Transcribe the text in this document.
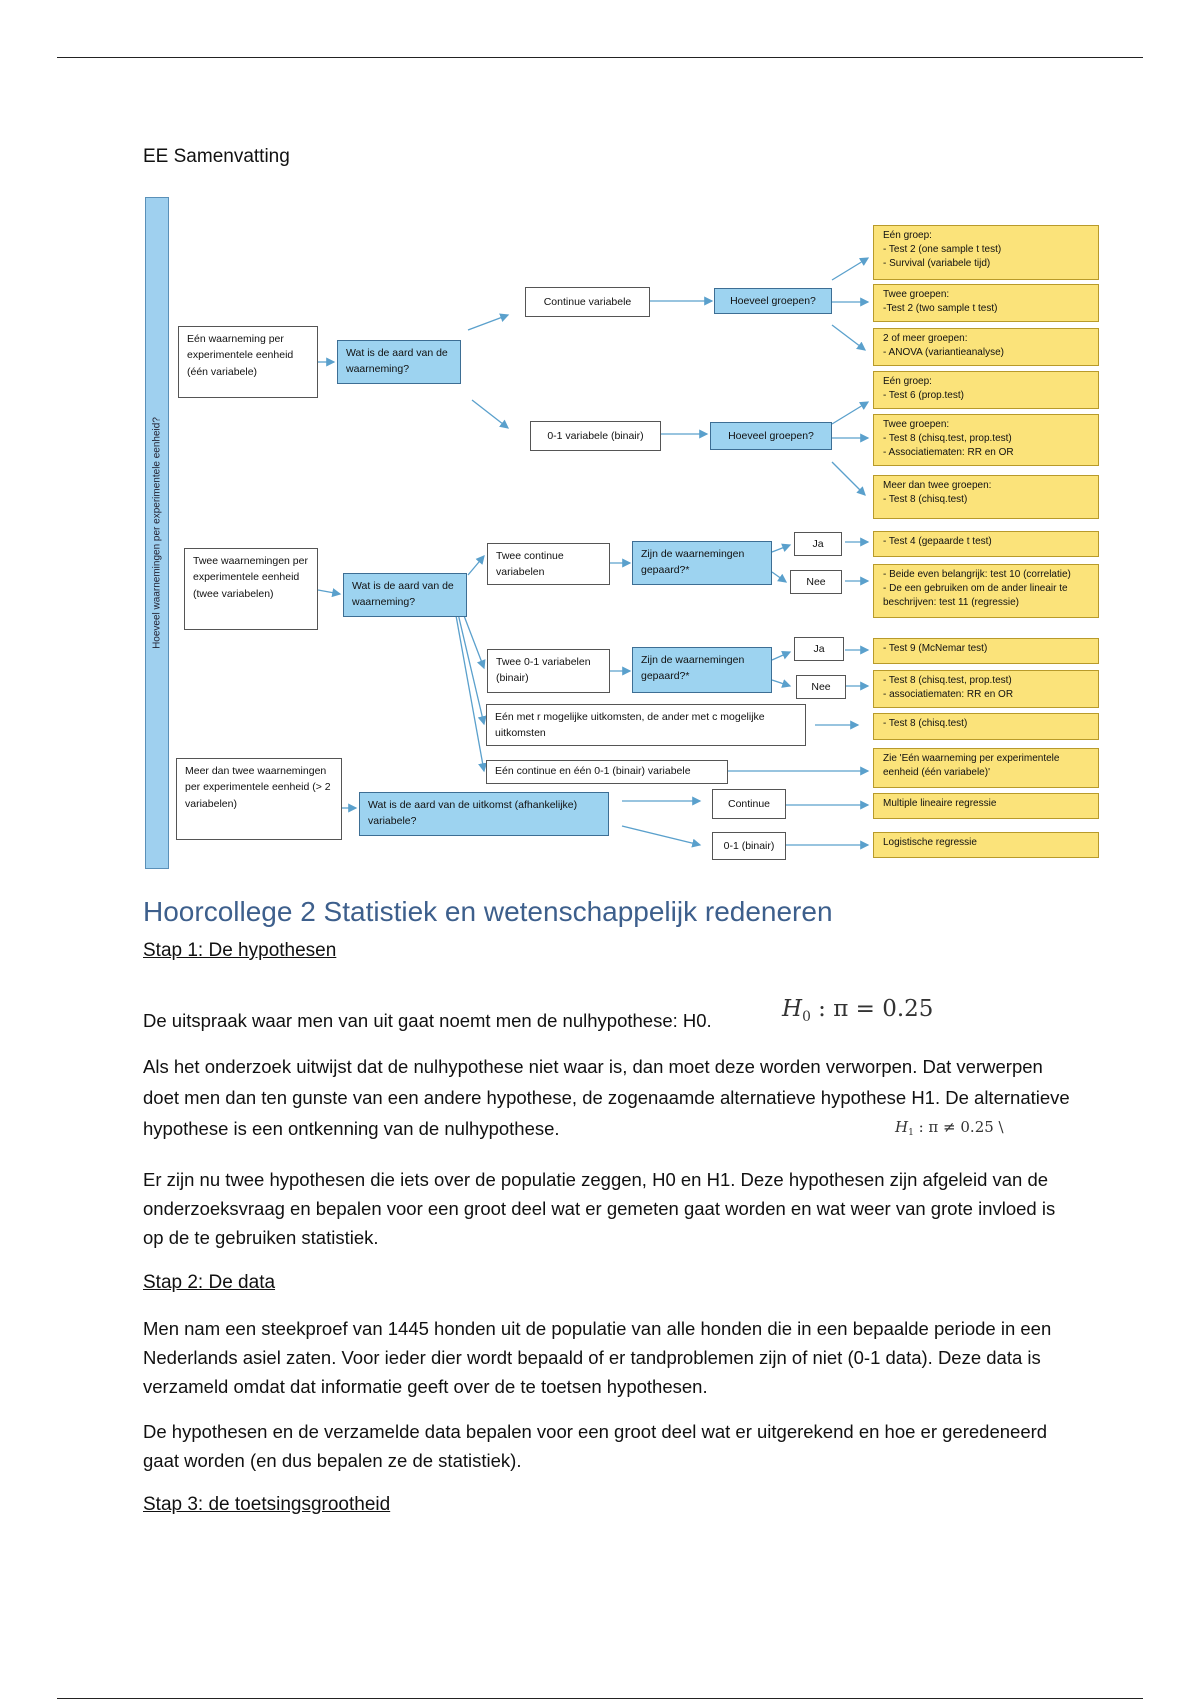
EE Samenvatting
Hoeveel waarnemingen per experimentele eenheid?
Eén waarneming per experimentele eenheid (één variabele)
Wat is de aard van de waarneming?
Continue variabele
0-1 variabele (binair)
Hoeveel groepen?
Hoeveel groepen?
Eén groep:
- Test 2 (one sample t test)
- Survival (variabele tijd)
Twee groepen:
-Test 2 (two sample t test)
2 of meer groepen:
- ANOVA (variantieanalyse)
Eén groep:
- Test 6 (prop.test)
Twee groepen:
- Test 8 (chisq.test, prop.test)
- Associatiematen: RR en OR
Meer dan twee groepen:
- Test 8 (chisq.test)
Twee waarnemingen per experimentele eenheid (twee variabelen)
Wat is de aard van de waarneming?
Twee continue variabelen
Zijn de waarnemingen gepaard?*
Ja
Nee
Twee 0-1 variabelen (binair)
Zijn de waarnemingen gepaard?*
Ja
Nee
Eén met r mogelijke uitkomsten, de ander met c mogelijke uitkomsten
Eén continue en één 0-1 (binair) variabele
- Test 4 (gepaarde t test)
- Beide even belangrijk: test 10 (correlatie)
- De een gebruiken om de ander lineair te beschrijven: test 11 (regressie)
- Test 9 (McNemar test)
- Test 8 (chisq.test, prop.test)
- associatiematen: RR en OR
- Test 8 (chisq.test)
Zie 'Eén waarneming per experimentele eenheid (één variabele)'
Meer dan twee waarnemingen per experimentele eenheid (> 2 variabelen)	Wat is de aard van de uitkomst (afhankelijke) variabele?
Continue
0-1 (binair)
Multiple lineaire regressie
Logistische regressie
Hoorcollege 2 Statistiek en wetenschappelijk redeneren
Stap 1: De hypothesen
De uitspraak waar men van uit gaat noemt men de nulhypothese: H0.	$H_0$ : π = 0.25
Als het onderzoek uitwijst dat de nulhypothese niet waar is, dan moet deze worden verworpen. Dat verwerpen doet men dan ten gunste van een andere hypothese, de zogenaamde alternatieve hypothese H1. De alternatieve hypothese is een ontkenning van de nulhypothese.	$H_1$ : π ≠ 0.25 \
Er zijn nu twee hypothesen die iets over de populatie zeggen, H0 en H1. Deze hypothesen zijn afgeleid van de onderzoeksvraag en bepalen voor een groot deel wat er gemeten gaat worden en wat weer van grote invloed is op de te gebruiken statistiek.
Stap 2: De data
Men nam een steekproef van 1445 honden uit de populatie van alle honden die in een bepaalde periode in een Nederlands asiel zaten. Voor ieder dier wordt bepaald of er tandproblemen zijn of niet (0-1 data). Deze data is verzameld omdat dat informatie geeft over de te toetsen hypothesen.
De hypothesen en de verzamelde data bepalen voor een groot deel wat er uitgerekend en hoe er geredeneerd gaat worden (en dus bepalen ze de statistiek).
Stap 3: de toetsingsgrootheid
